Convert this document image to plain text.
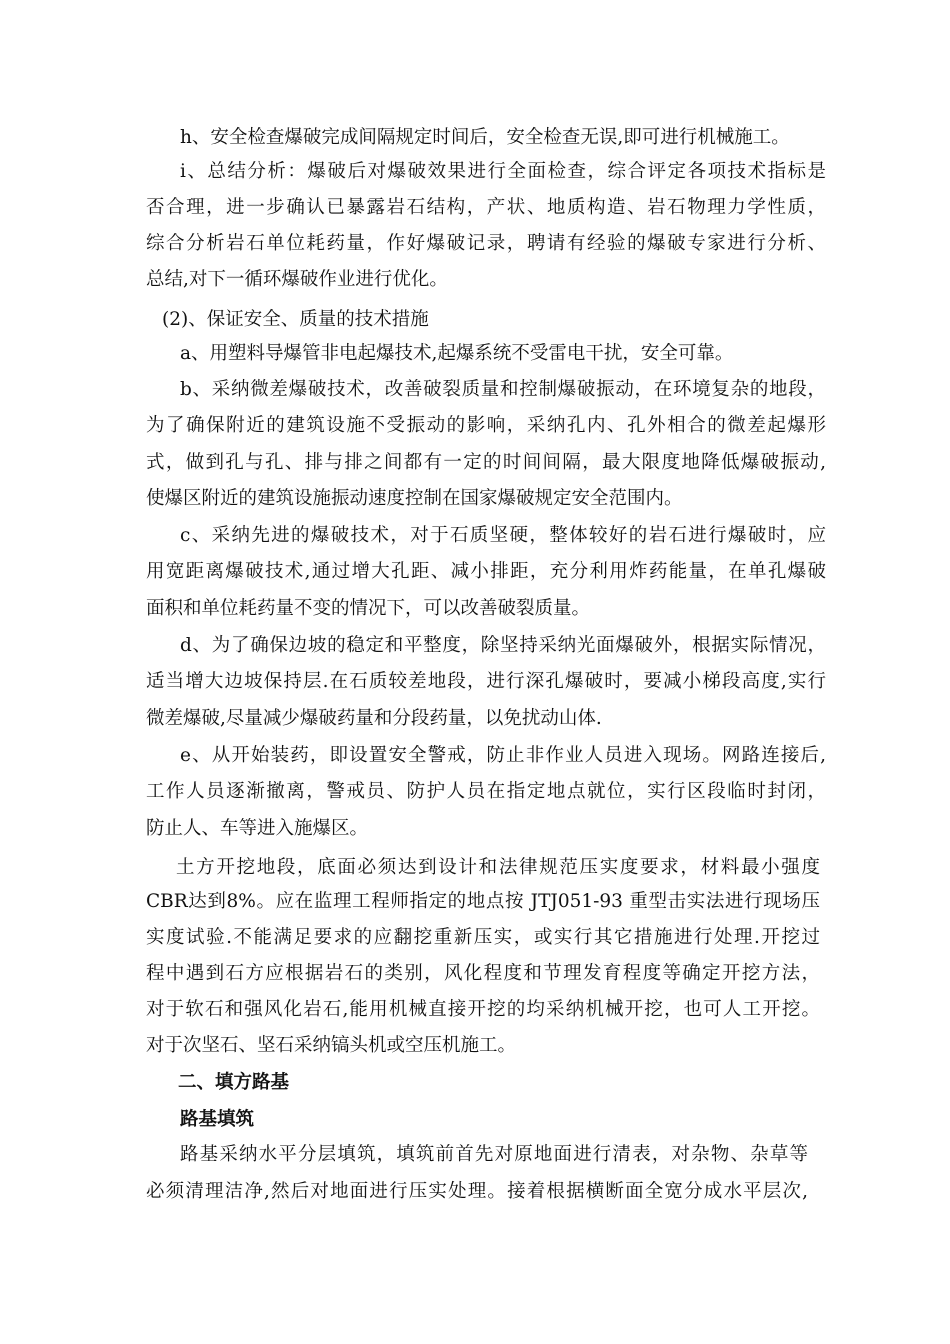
h、安全检查爆破完成间隔规定时间后，安全检查无误,即可进行机械施工。
i、总结分析：爆破后对爆破效果进行全面检查，综合评定各项技术指标是
否合理，进一步确认已暴露岩石结构，产状、地质构造、岩石物理力学性质，
综合分析岩石单位耗药量，作好爆破记录，聘请有经验的爆破专家进行分析、
总结,对下一循环爆破作业进行优化。
(2)、保证安全、质量的技术措施
a、用塑料导爆管非电起爆技术,起爆系统不受雷电干扰，安全可靠。
b、采纳微差爆破技术，改善破裂质量和控制爆破振动，在环境复杂的地段，
为了确保附近的建筑设施不受振动的影响，采纳孔内、孔外相合的微差起爆形
式，做到孔与孔、排与排之间都有一定的时间间隔，最大限度地降低爆破振动,
使爆区附近的建筑设施振动速度控制在国家爆破规定安全范围内。
c、采纳先进的爆破技术，对于石质坚硬，整体较好的岩石进行爆破时，应
用宽距离爆破技术,通过增大孔距、减小排距，充分利用炸药能量，在单孔爆破
面积和单位耗药量不变的情况下，可以改善破裂质量。
d、为了确保边坡的稳定和平整度，除坚持采纳光面爆破外，根据实际情况，
适当增大边坡保持层.在石质较差地段，进行深孔爆破时，要减小梯段高度,实行
微差爆破,尽量减少爆破药量和分段药量，以免扰动山体.
e、从开始装药，即设置安全警戒，防止非作业人员进入现场。网路连接后,
工作人员逐渐撤离，警戒员、防护人员在指定地点就位，实行区段临时封闭，
防止人、车等进入施爆区。
土方开挖地段，底面必须达到设计和法律规范压实度要求，材料最小强度
CBR达到8%。应在监理工程师指定的地点按 JTJ051-93 重型击实法进行现场压
实度试验.不能满足要求的应翻挖重新压实，或实行其它措施进行处理.开挖过
程中遇到石方应根据岩石的类别，风化程度和节理发育程度等确定开挖方法，
对于软石和强风化岩石,能用机械直接开挖的均采纳机械开挖，也可人工开挖。
对于次坚石、坚石采纳镐头机或空压机施工。
二、填方路基
路基填筑
路基采纳水平分层填筑，填筑前首先对原地面进行清表，对杂物、杂草等
必须清理洁净,然后对地面进行压实处理。接着根据横断面全宽分成水平层次,
